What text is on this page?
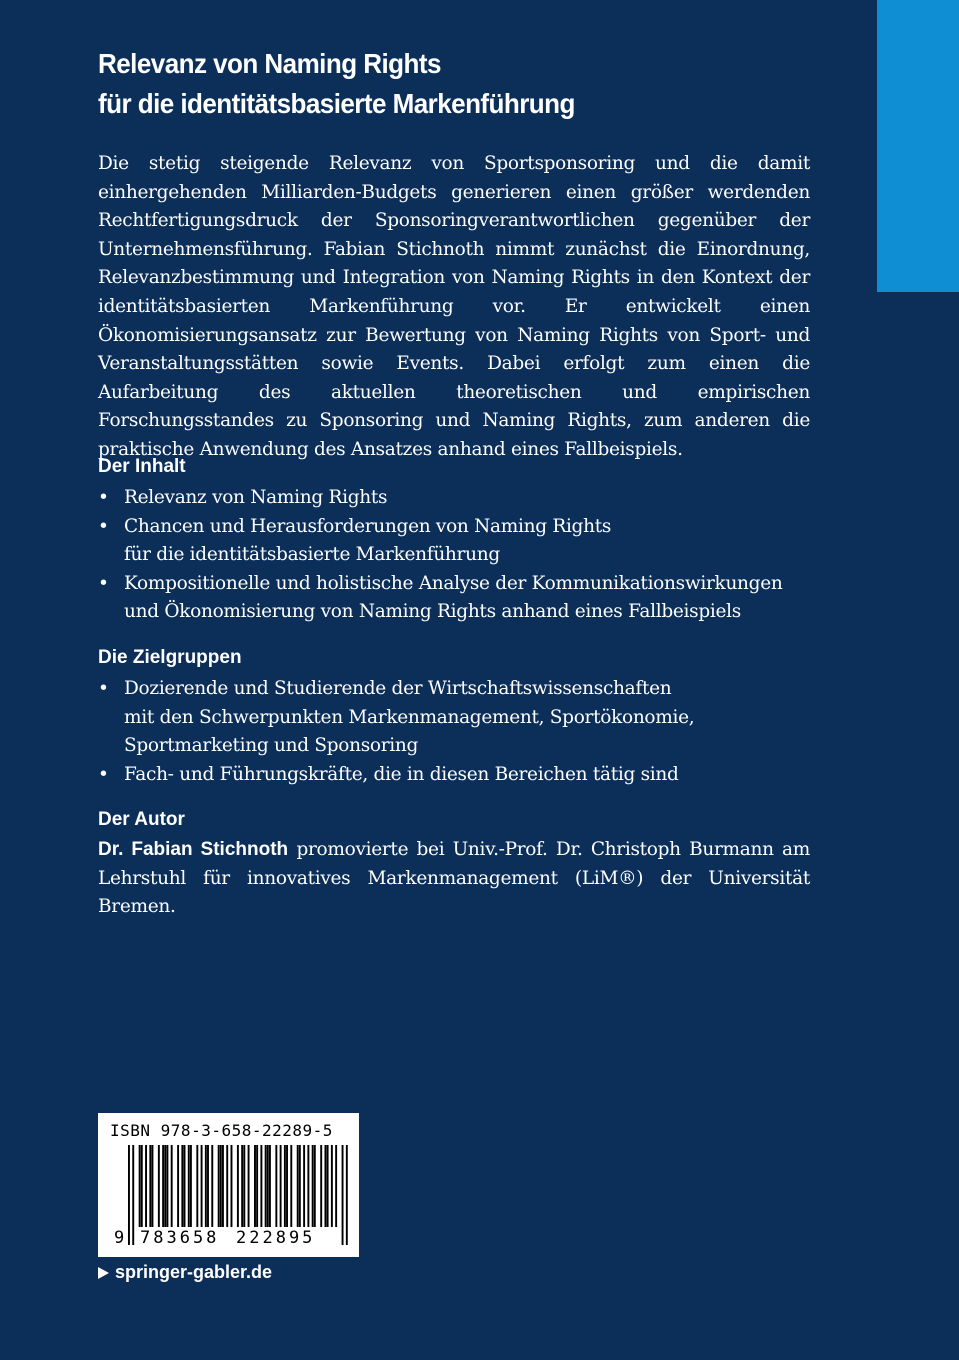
Relevanz von Naming Rights
für die identitätsbasierte Markenführung
Die stetig steigende Relevanz von Sportsponsoring und die damit einhergehenden Milliarden-Budgets generieren einen größer werdenden Rechtfertigungsdruck der Sponsoringverantwortlichen gegenüber der Unternehmensführung. Fabian Stichnoth nimmt zunächst die Einordnung, Relevanzbestimmung und Integration von Naming Rights in den Kontext der identitätsbasierten Markenführung vor. Er entwickelt einen Ökonomisierungsansatz zur Bewertung von Naming Rights von Sport- und Veranstaltungsstätten sowie Events. Dabei erfolgt zum einen die Aufarbeitung des aktuellen theoretischen und empirischen Forschungsstandes zu Sponsoring und Naming Rights, zum anderen die praktische Anwendung des Ansatzes anhand eines Fallbeispiels.
Der Inhalt
• Relevanz von Naming Rights
• Chancen und Herausforderungen von Naming Rights
für die identitätsbasierte Markenführung
• Kompositionelle und holistische Analyse der Kommunikationswirkungen
und Ökonomisierung von Naming Rights anhand eines Fallbeispiels
Die Zielgruppen
• Dozierende und Studierende der Wirtschaftswissenschaften
mit den Schwerpunkten Markenmanagement, Sportökonomie,
Sportmarketing und Sponsoring
• Fach- und Führungskräfte, die in diesen Bereichen tätig sind
Der Autor
Dr. Fabian Stichnoth promovierte bei Univ.-Prof. Dr. Christoph Burmann am Lehrstuhl für innovatives Markenmanagement (LiM®) der Universität Bremen.
ISBN 978-3-658-22289-5
9 783658 222895
springer-gabler.de
